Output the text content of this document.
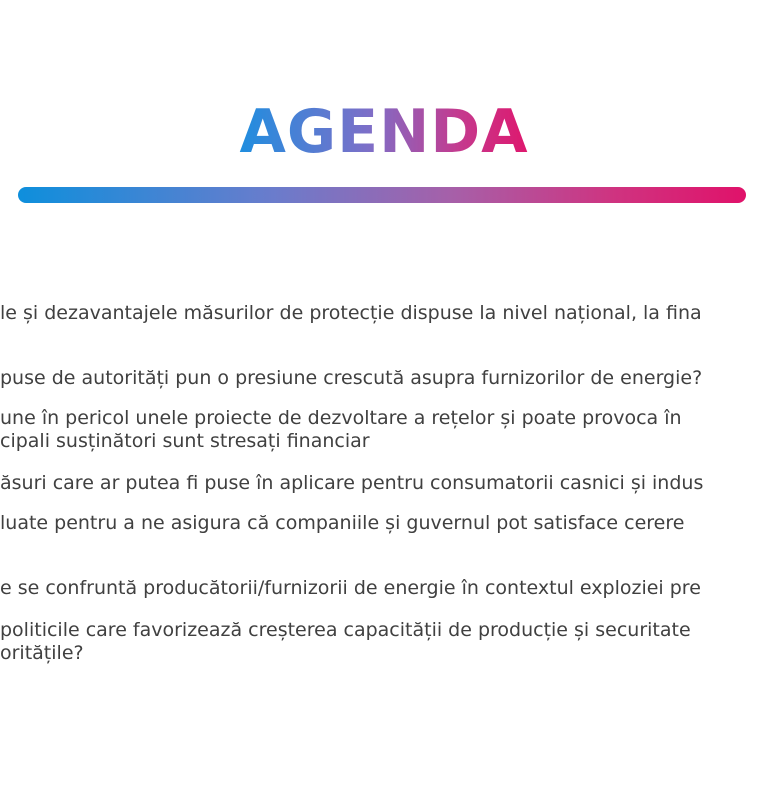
AGENDA

le și dezavantajele măsurilor de protecție dispuse la nivel național, la fina

puse de autorități pun o presiune crescută asupra furnizorilor de energie?

une în pericol unele proiecte de dezvoltare a rețelor și poate provoca în
cipali susținători sunt stresați financiar

ăsuri care ar putea fi puse în aplicare pentru consumatorii casnici și indus

luate pentru a ne asigura că companiile și guvernul pot satisface cerere

e se confruntă producătorii/furnizorii de energie în contextul exploziei pre

politicile care favorizează creșterea capacității de producție și securitate
oritățile?
